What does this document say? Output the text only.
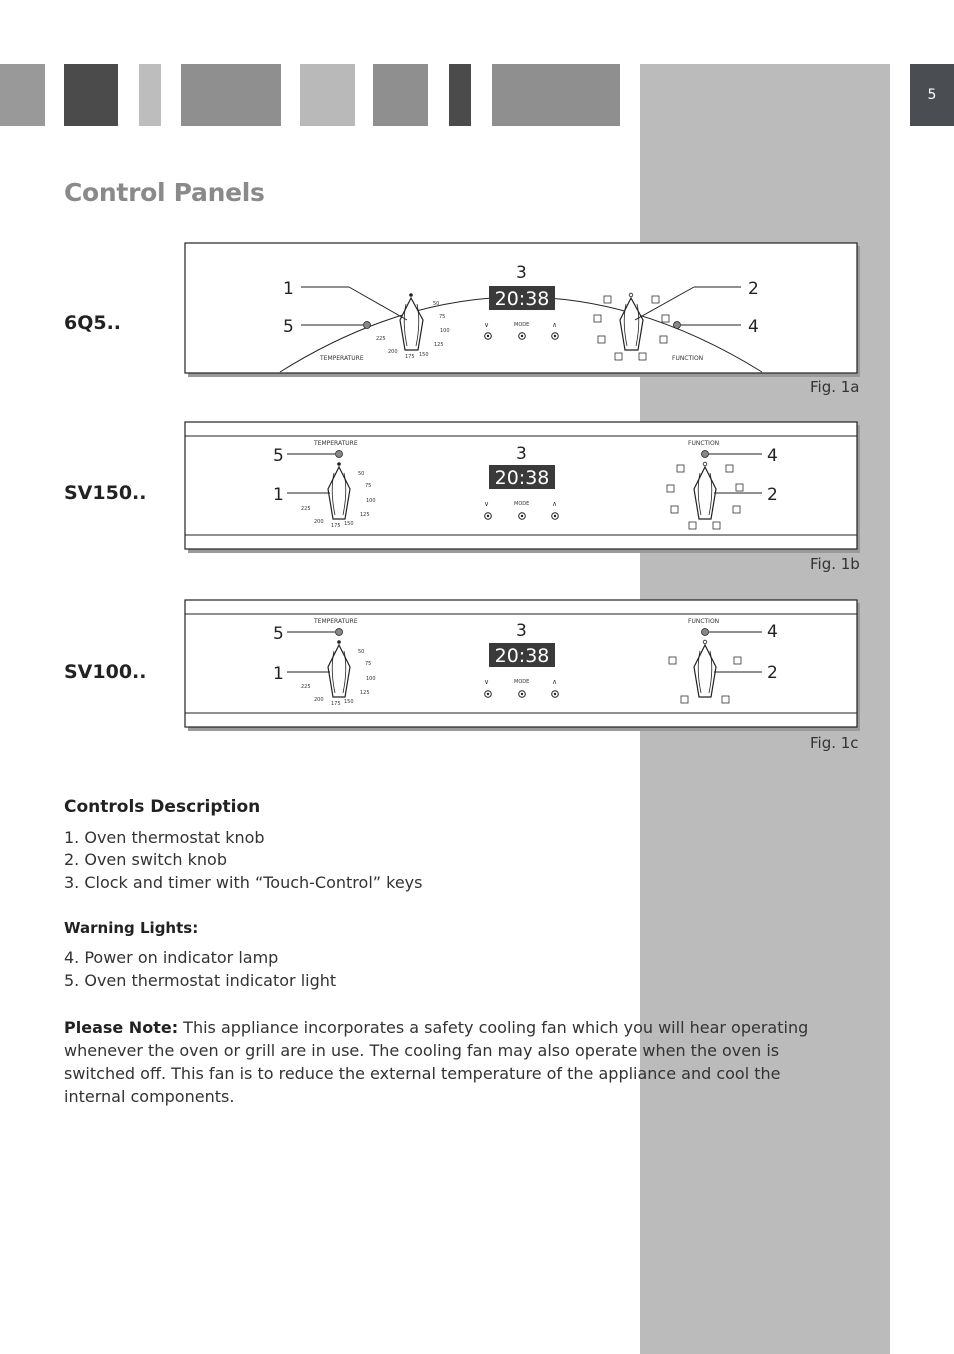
5
Control Panels
6Q5..
50
75
100
125
150
175
200
225
TEMPERATURE
20:38
∨	MODE	∧
FUNCTION
1
5
3
2
4
Fig. 1a
SV150..
TEMPERATURE
50
75
100
125
150
175
200
225
20:38
∨	MODE	∧
FUNCTION
5
1
3	4
2
Fig. 1b
SV100..
TEMPERATURE
50
75
100
125
150
175
200
225
20:38
∨	MODE	∧
FUNCTION
5
1
3	4
2
Fig. 1c
Controls Description
1. Oven thermostat knob
2. Oven switch knob
3. Clock and timer with “Touch-Control” keys
Warning Lights:
4. Power on indicator lamp
5. Oven thermostat indicator light
Please Note: This appliance incorporates a safety cooling fan which you will hear operating whenever the oven or grill are in use. The cooling fan may also operate when the oven is switched off. This fan is to reduce the external temperature of the appliance and cool the internal components.
